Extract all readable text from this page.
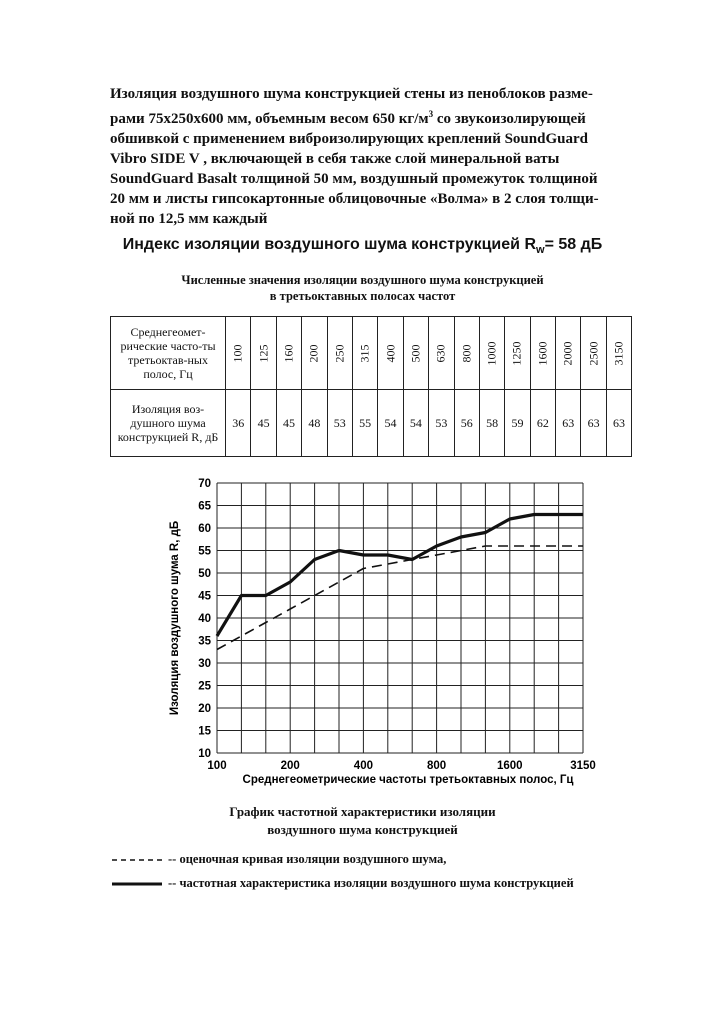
Изоляция воздушного шума конструкцией стены из пеноблоков разме-
рами 75х250х600 мм, объемным весом 650 $кг/м^3$ со звукоизолирующей
обшивкой с применением виброизолирующих креплений SoundGuard
Vibro SIDE V , включающей в себя также слой минеральной ваты
SoundGuard Basalt толщиной 50 мм, воздушный промежуток толщиной
20 мм и листы гипсокартонные облицовочные «Волма» в 2 слоя толщи-
ной по 12,5 мм каждый
Индекс изоляции воздушного шума конструкцией $R_w= 58$ дБ
Численные значения изоляции воздушного шума конструкцией
в третьоктавных полосах частот
Среднегеомет-рические часто-ты третьоктав-ных полос, Гц	100	125	160	200	250	315	400	500	630	800	1000	1250	1600	2000	2500	3150
Изоляция воз-душного шума конструкцией R, дБ	36	45	45	48	53	55	54	54	53	56	58	59	62	63	63	63
10
15
20
25
30
35
40
45
50
55
60
65
70
100	200	400	800	1600	3150
Среднегеометрические частоты третьоктавных полос, Гц
Изоляция воздушного шума R, дБ
График частотной характеристики изоляции
воздушного шума конструкцией
-- оценочная кривая изоляции воздушного шума,
-- частотная характеристика изоляции воздушного шума конструкцией
